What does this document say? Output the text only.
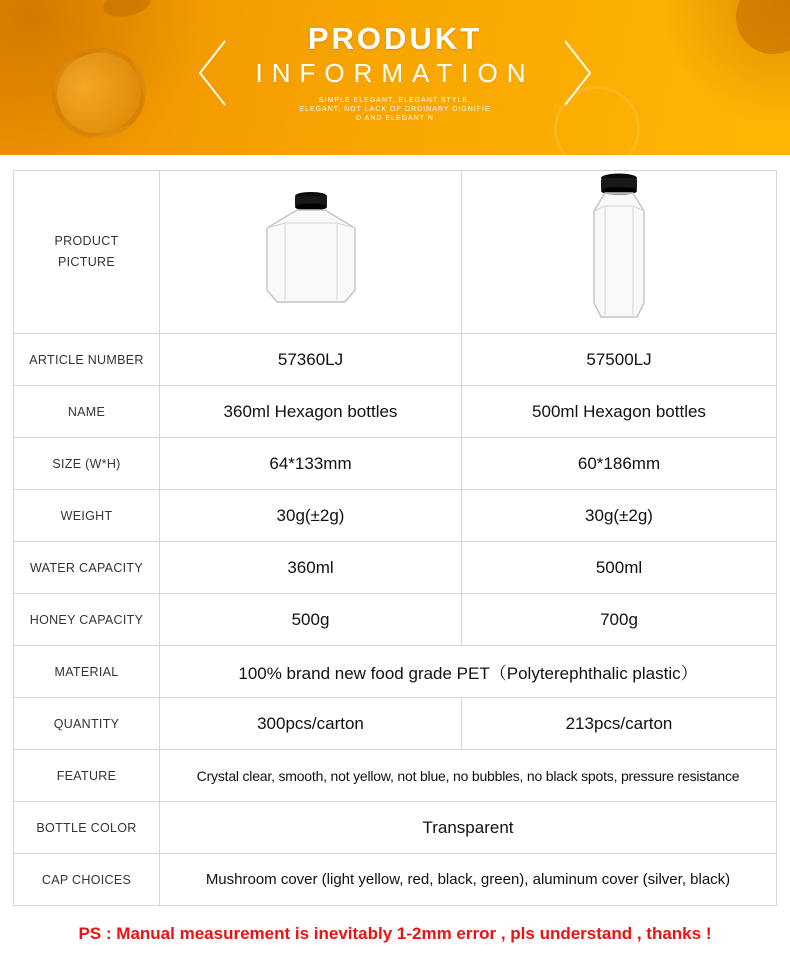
PRODUKT
INFORMATION
SIMPLE ELEGANT, ELEGANT STYLE,
ELEGANT, NOT LACK OF ORDINARY DIGNIFIE
D AND ELEGANT N
PRODUCT
PICTURE

ARTICLE NUMBER	57360LJ	57500LJ
NAME	360ml Hexagon bottles	500ml Hexagon bottles
SIZE (W*H)	64*133mm	60*186mm
WEIGHT	30g(±2g)	30g(±2g)
WATER CAPACITY	360ml	500ml
HONEY CAPACITY	500g	700g
MATERIAL	100% brand new food grade PET（Polyterephthalic plastic）	
QUANTITY	300pcs/carton	213pcs/carton
FEATURE	Crystal clear, smooth, not yellow, not blue, no bubbles, no black spots, pressure resistance	
BOTTLE COLOR	Transparent	
CAP CHOICES	Mushroom cover (light yellow, red, black, green), aluminum cover (silver, black)	
PS : Manual measurement is inevitably 1-2mm error , pls understand , thanks !
